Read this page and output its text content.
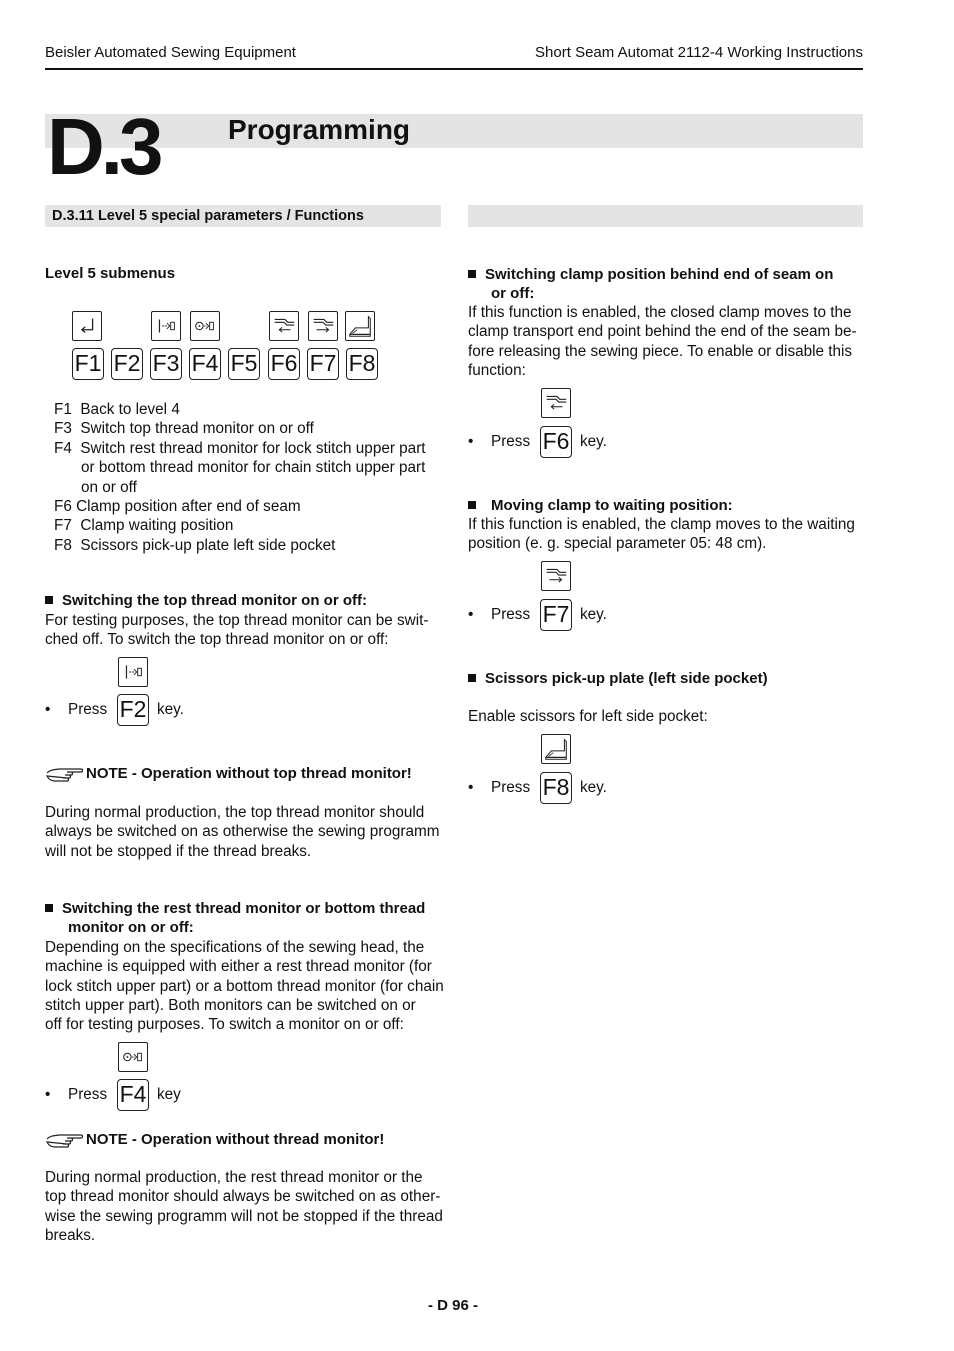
Beisler Automated Sewing Equipment	Short Seam Automat 2112-4 Working Instructions
D.3 Programming
D.3.11 Level 5 special parameters / Functions
Level 5 submenus
F1 F2 F3 F4 F5 F6 F7 F8
F1 Back to level 4
F3 Switch top thread monitor on or off
F4 Switch rest thread monitor for lock stitch upper part
or bottom thread monitor for chain stitch upper part
on or off
F6 Clamp position after end of seam
F7 Clamp waiting position
F8 Scissors pick-up plate left side pocket
Switching the top thread monitor on or off:
For testing purposes, the top thread monitor can be swit-
ched off. To switch the top thread monitor on or off:
• Press F2 key.
NOTE - Operation without top thread monitor!
During normal production, the top thread monitor should
always be switched on as otherwise the sewing programm
will not be stopped if the thread breaks.
Switching the rest thread monitor or bottom thread
monitor on or off:
Depending on the specifications of the sewing head, the
machine is equipped with either a rest thread monitor (for
lock stitch upper part) or a bottom thread monitor (for chain
stitch upper part). Both monitors can be switched on or
off for testing purposes. To switch a monitor on or off:
• Press F4 key
NOTE - Operation without thread monitor!
During normal production, the rest thread monitor or the
top thread monitor should always be switched on as other-
wise the sewing programm will not be stopped if the thread
breaks.
Switching clamp position behind end of seam on
or off:
If this function is enabled, the closed clamp moves to the
clamp transport end point behind the end of the seam be-
fore releasing the sewing piece. To enable or disable this
function:
• Press F6 key.
Moving clamp to waiting position:
If this function is enabled, the clamp moves to the waiting
position (e. g. special parameter 05: 48 cm).
• Press F7 key.
Scissors pick-up plate (left side pocket)
Enable scissors for left side pocket:
• Press F8 key.
- D 96 -
